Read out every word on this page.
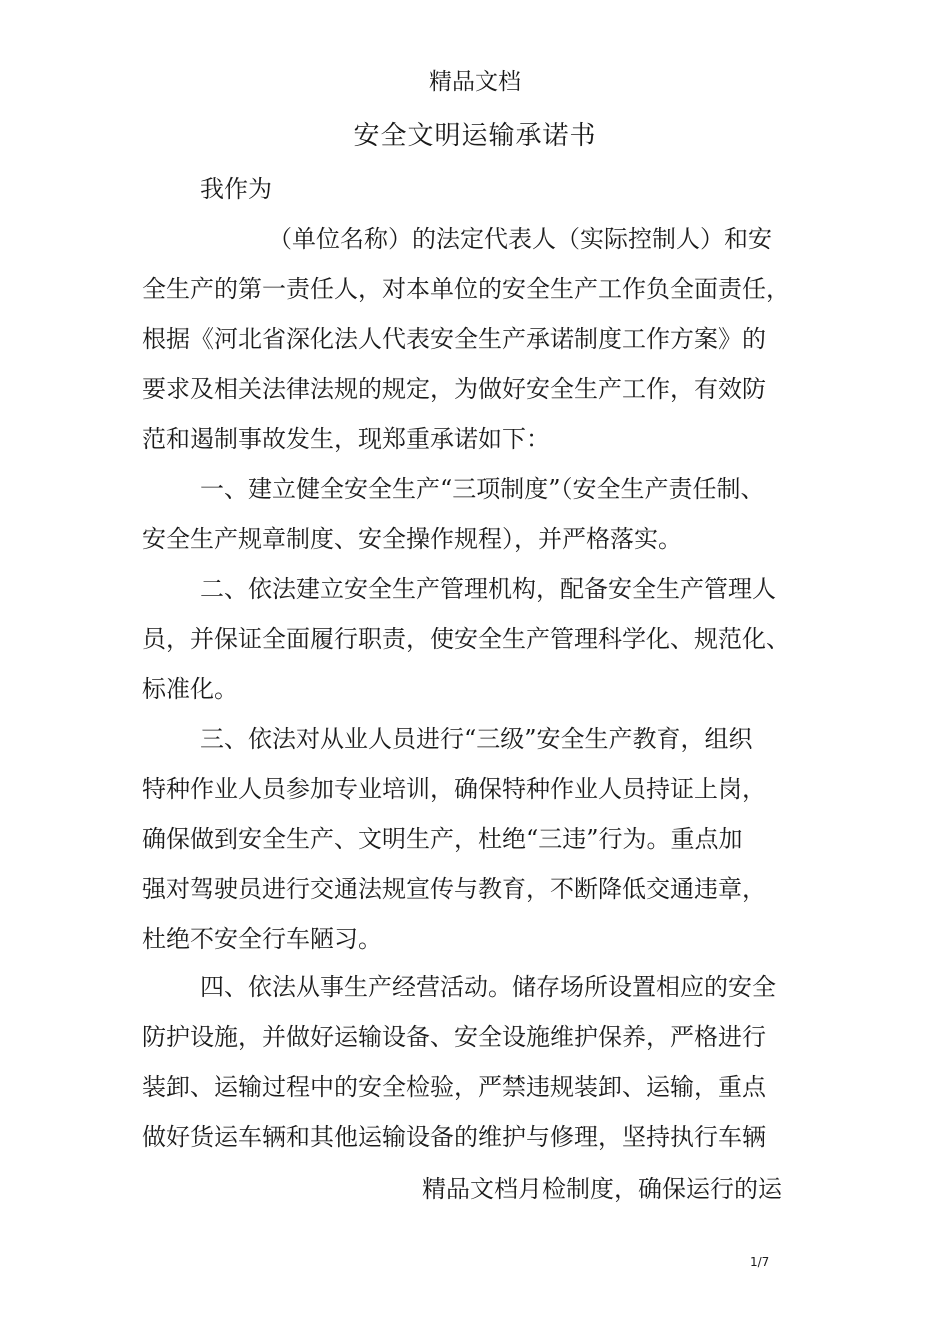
精品文档
安全文明运输承诺书
我作为
（单位名称）的法定代表人（实际控制人）和安
全生产的第一责任人，对本单位的安全生产工作负全面责任，
根据《河北省深化法人代表安全生产承诺制度工作方案》的
要求及相关法律法规的规定，为做好安全生产工作，有效防
范和遏制事故发生，现郑重承诺如下：
一、建立健全安全生产“三项制度”（安全生产责任制、
安全生产规章制度、安全操作规程），并严格落实。
二、依法建立安全生产管理机构，配备安全生产管理人
员，并保证全面履行职责，使安全生产管理科学化、规范化、
标准化。
三、依法对从业人员进行“三级”安全生产教育，组织
特种作业人员参加专业培训，确保特种作业人员持证上岗，
确保做到安全生产、文明生产，杜绝“三违”行为。重点加
强对驾驶员进行交通法规宣传与教育，不断降低交通违章，
杜绝不安全行车陋习。
四、依法从事生产经营活动。储存场所设置相应的安全
防护设施，并做好运输设备、安全设施维护保养，严格进行
装卸、运输过程中的安全检验，严禁违规装卸、运输，重点
做好货运车辆和其他运输设备的维护与修理，坚持执行车辆
精品文档月检制度，确保运行的运
1/7
